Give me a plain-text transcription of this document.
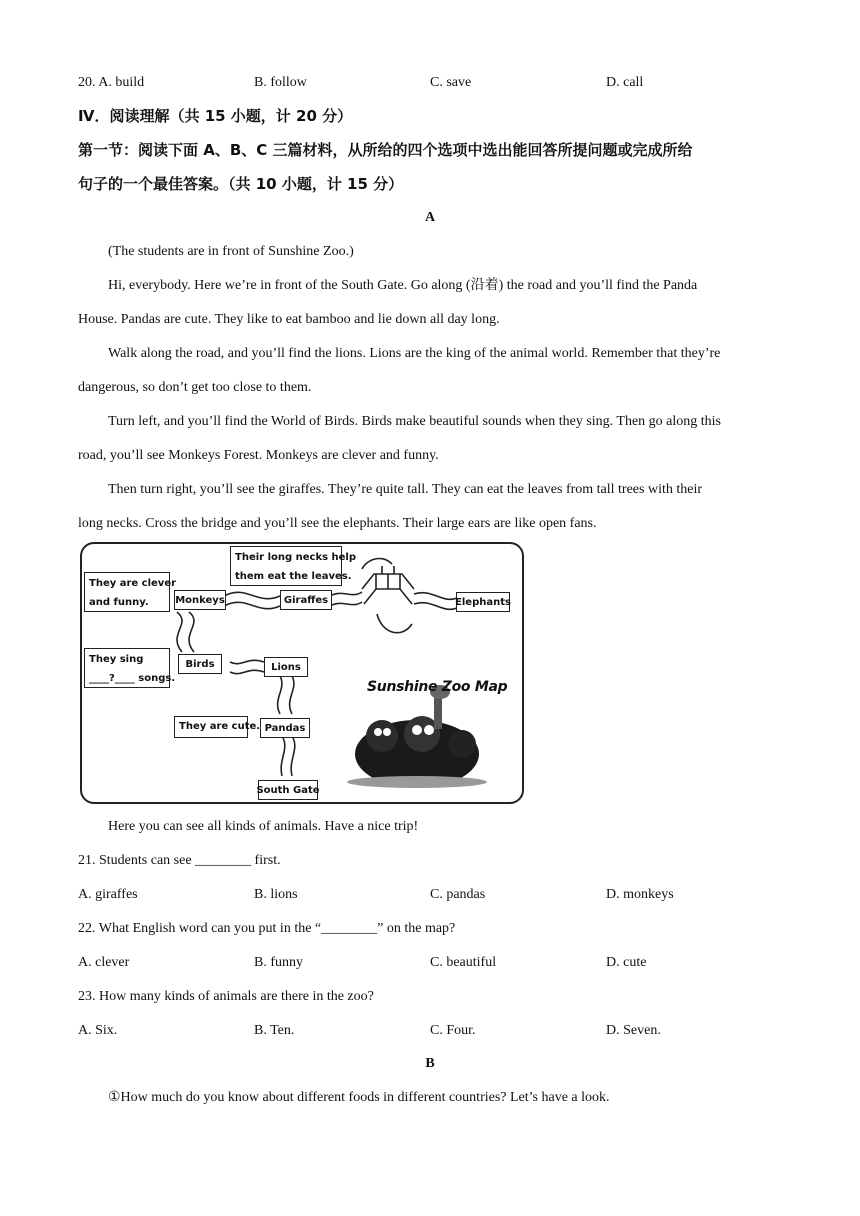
20. A. build	B. follow	C. save	D. call
Ⅳ．阅读理解（共 15 小题，计 20 分）
第一节：阅读下面 A、B、C 三篇材料，从所给的四个选项中选出能回答所提问题或完成所给
句子的一个最佳答案。（共 10 小题，计 15 分）
A
(The students are in front of Sunshine Zoo.)
Hi, everybody. Here we’re in front of the South Gate. Go along (沿着) the road and you’ll find the Panda
House. Pandas are cute. They like to eat bamboo and lie down all day long.
Walk along the road, and you’ll find the lions. Lions are the king of the animal world. Remember that they’re
dangerous, so don’t get too close to them.
Turn left, and you’ll find the World of Birds. Birds make beautiful sounds when they sing. Then go along this
road, you’ll see Monkeys Forest. Monkeys are clever and funny.
Then turn right, you’ll see the giraffes. They’re quite tall. They can eat the leaves from tall trees with their
long necks. Cross the bridge and you’ll see the elephants. Their large ears are like open fans.
Their long necks help
them eat the leaves.
They are clever
and funny.
They sing
____?____ songs.
They are cute.
Monkeys	Giraffes	Elephants
Birds	Lions
Pandas
South Gate
Sunshine Zoo Map
Here you can see all kinds of animals. Have a nice trip!
21. Students can see ________ first.
A. giraffes	B. lions	C. pandas	D. monkeys
22. What English word can you put in the “________” on the map?
A. clever	B. funny	C. beautiful	D. cute
23. How many kinds of animals are there in the zoo?
A. Six.	B. Ten.	C. Four.	D. Seven.
B
①How much do you know about different foods in different countries? Let’s have a look.
